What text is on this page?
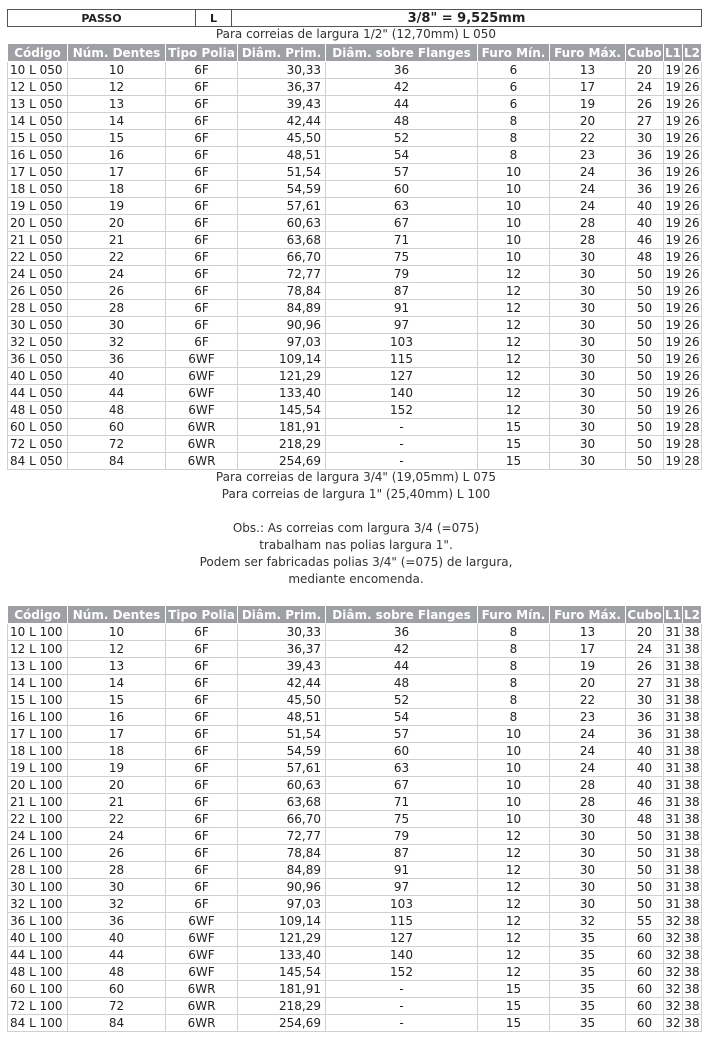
PASSO	L	3/8" = 9,525mm
Para correias de largura 1/2" (12,70mm) L 050
Código	Núm. Dentes	Tipo Polia	Diâm. Prim.	Diâm. sobre Flanges	Furo Mín.	Furo Máx.	Cubo	L1	L2
10 L 050	10	6F	30,33	36	6	13	20	19	26
12 L 050	12	6F	36,37	42	6	17	24	19	26
13 L 050	13	6F	39,43	44	6	19	26	19	26
14 L 050	14	6F	42,44	48	8	20	27	19	26
15 L 050	15	6F	45,50	52	8	22	30	19	26
16 L 050	16	6F	48,51	54	8	23	36	19	26
17 L 050	17	6F	51,54	57	10	24	36	19	26
18 L 050	18	6F	54,59	60	10	24	36	19	26
19 L 050	19	6F	57,61	63	10	24	40	19	26
20 L 050	20	6F	60,63	67	10	28	40	19	26
21 L 050	21	6F	63,68	71	10	28	46	19	26
22 L 050	22	6F	66,70	75	10	30	48	19	26
24 L 050	24	6F	72,77	79	12	30	50	19	26
26 L 050	26	6F	78,84	87	12	30	50	19	26
28 L 050	28	6F	84,89	91	12	30	50	19	26
30 L 050	30	6F	90,96	97	12	30	50	19	26
32 L 050	32	6F	97,03	103	12	30	50	19	26
36 L 050	36	6WF	109,14	115	12	30	50	19	26
40 L 050	40	6WF	121,29	127	12	30	50	19	26
44 L 050	44	6WF	133,40	140	12	30	50	19	26
48 L 050	48	6WF	145,54	152	12	30	50	19	26
60 L 050	60	6WR	181,91	-	15	30	50	19	28
72 L 050	72	6WR	218,29	-	15	30	50	19	28
84 L 050	84	6WR	254,69	-	15	30	50	19	28
Para correias de largura 3/4" (19,05mm) L 075
Para correias de largura 1" (25,40mm) L 100
Obs.: As correias com largura 3/4 (=075)
trabalham nas polias largura 1".
Podem ser fabricadas polias 3/4" (=075) de largura,
mediante encomenda.
Código	Núm. Dentes	Tipo Polia	Diâm. Prim.	Diâm. sobre Flanges	Furo Mín.	Furo Máx.	Cubo	L1	L2
10 L 100	10	6F	30,33	36	8	13	20	31	38
12 L 100	12	6F	36,37	42	8	17	24	31	38
13 L 100	13	6F	39,43	44	8	19	26	31	38
14 L 100	14	6F	42,44	48	8	20	27	31	38
15 L 100	15	6F	45,50	52	8	22	30	31	38
16 L 100	16	6F	48,51	54	8	23	36	31	38
17 L 100	17	6F	51,54	57	10	24	36	31	38
18 L 100	18	6F	54,59	60	10	24	40	31	38
19 L 100	19	6F	57,61	63	10	24	40	31	38
20 L 100	20	6F	60,63	67	10	28	40	31	38
21 L 100	21	6F	63,68	71	10	28	46	31	38
22 L 100	22	6F	66,70	75	10	30	48	31	38
24 L 100	24	6F	72,77	79	12	30	50	31	38
26 L 100	26	6F	78,84	87	12	30	50	31	38
28 L 100	28	6F	84,89	91	12	30	50	31	38
30 L 100	30	6F	90,96	97	12	30	50	31	38
32 L 100	32	6F	97,03	103	12	30	50	31	38
36 L 100	36	6WF	109,14	115	12	32	55	32	38
40 L 100	40	6WF	121,29	127	12	35	60	32	38
44 L 100	44	6WF	133,40	140	12	35	60	32	38
48 L 100	48	6WF	145,54	152	12	35	60	32	38
60 L 100	60	6WR	181,91	-	15	35	60	32	38
72 L 100	72	6WR	218,29	-	15	35	60	32	38
84 L 100	84	6WR	254,69	-	15	35	60	32	38
